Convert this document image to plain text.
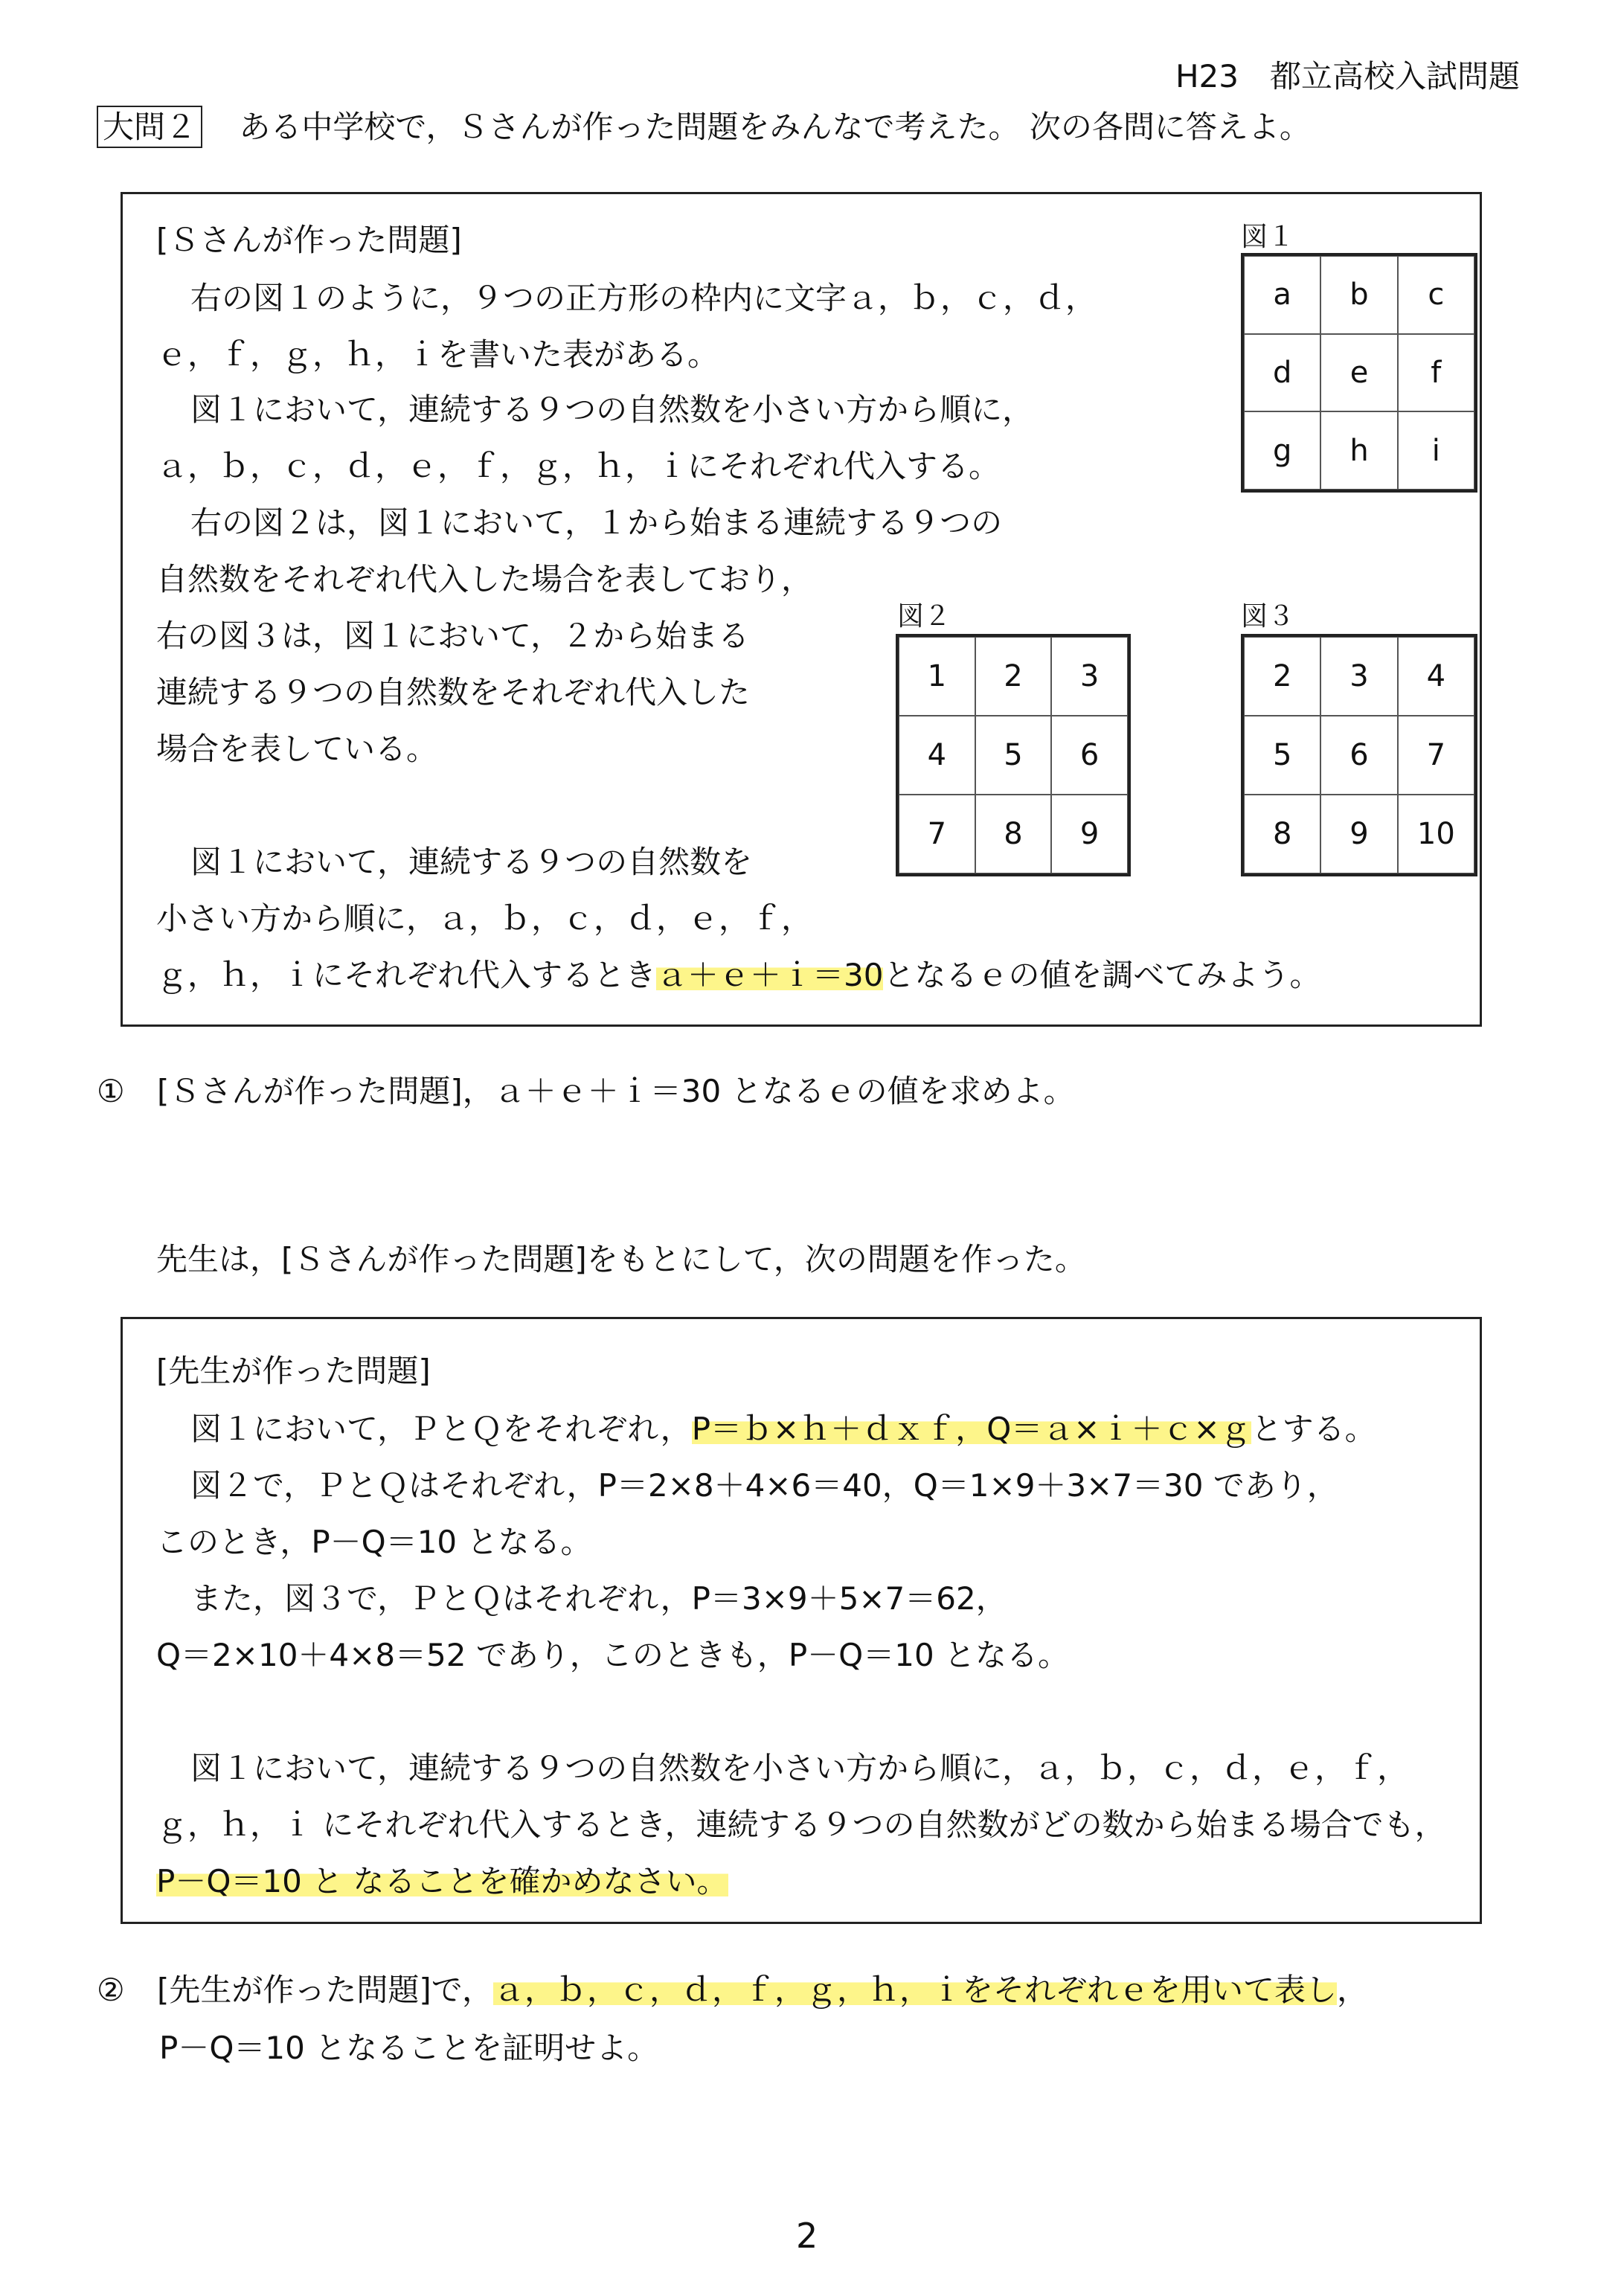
H23　都立高校入試問題
大問２ ある中学校で，Ｓさんが作った問題をみんなで考えた。 次の各問に答えよ。
[Ｓさんが作った問題]
右の図１のように，９つの正方形の枠内に文字ａ，ｂ，ｃ，ｄ，
ｅ，ｆ，ｇ，ｈ，ｉを書いた表がある。
図１において，連続する９つの自然数を小さい方から順に，
ａ，ｂ，ｃ，ｄ，ｅ，ｆ，ｇ，ｈ，ｉにそれぞれ代入する。
右の図２は，図１において，１から始まる連続する９つの
自然数をそれぞれ代入した場合を表しており，
右の図３は，図１において，２から始まる
連続する９つの自然数をそれぞれ代入した
場合を表している。
図１において，連続する９つの自然数を
小さい方から順に，ａ，ｂ，ｃ，ｄ，ｅ，ｆ，
ｇ，ｈ，ｉにそれぞれ代入するときａ＋ｅ＋ｉ＝30となるｅの値を調べてみよう。
図１
a	b	c
d	e	f
g	h	i
図２
1	2	3
4	5	6
7	8	9
図３
2	3	4
5	6	7
8	9	10
① [Ｓさんが作った問題]，ａ＋ｅ＋ｉ＝30 となるｅの値を求めよ。
先生は，[Ｓさんが作った問題]をもとにして，次の問題を作った。
[先生が作った問題]
図１において，ＰとＱをそれぞれ，P＝ｂ×ｈ＋ｄｘｆ，Q＝ａ×ｉ＋ｃ×ｇとする。
図２で，ＰとＱはそれぞれ，P＝2×8＋4×6＝40，Q＝1×9＋3×7＝30 であり，
このとき，P－Q＝10 となる。
また，図３で，ＰとＱはそれぞれ，P＝3×9＋5×7＝62，
Q＝2×10＋4×8＝52 であり，このときも，P－Q＝10 となる。
図１において，連続する９つの自然数を小さい方から順に，ａ，ｂ，ｃ，ｄ，ｅ，ｆ，
ｇ，ｈ，ｉ にそれぞれ代入するとき，連続する９つの自然数がどの数から始まる場合でも，
P－Q＝10 と なることを確かめなさい。
② [先生が作った問題]で，ａ，ｂ，ｃ，ｄ，ｆ，ｇ，ｈ，ｉをそれぞれｅを用いて表し，
P－Q＝10 となることを証明せよ。
2
